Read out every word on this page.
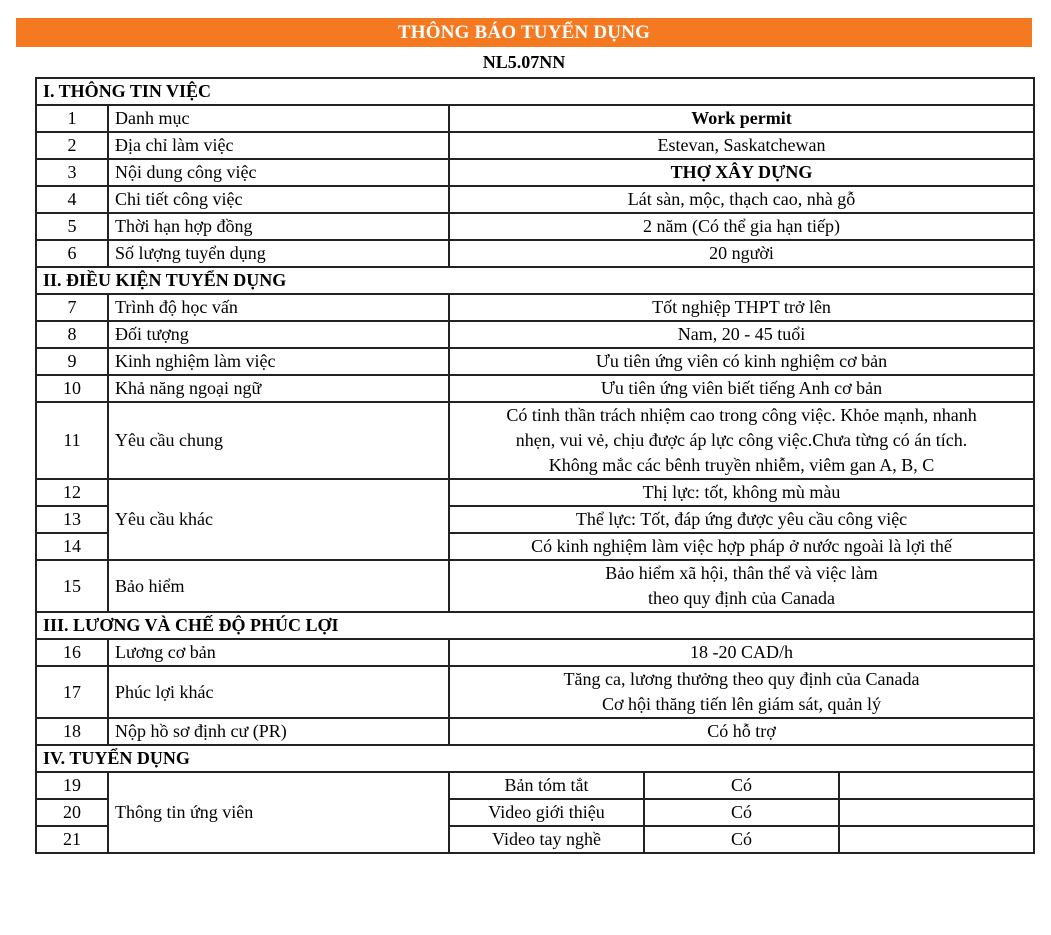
THÔNG BÁO TUYỂN DỤNG
NL5.07NN
I. THÔNG TIN VIỆC				
1	Danh mục	Work permit		
2	Địa chỉ làm việc	Estevan, Saskatchewan		
3	Nội dung công việc	THỢ XÂY DỰNG		
4	Chi tiết công việc	Lát sàn, mộc, thạch cao, nhà gỗ		
5	Thời hạn hợp đồng	2 năm (Có thể gia hạn tiếp)		
6	Số lượng tuyển dụng	20 người		
II. ĐIỀU KIỆN TUYỂN DỤNG				
7	Trình độ học vấn	Tốt nghiệp THPT trở lên		
8	Đối tượng	Nam, 20 - 45 tuổi		
9	Kinh nghiệm làm việc	Ưu tiên ứng viên có kinh nghiệm cơ bản		
10	Khả năng ngoại ngữ	Ưu tiên ứng viên biết tiếng Anh cơ bản		
11	Yêu cầu chung	Có tinh thần trách nhiệm cao trong công việc. Khỏe mạnh, nhanh
nhẹn, vui vẻ, chịu được áp lực công việc.Chưa từng có án tích.
Không mắc các bênh truyền nhiễm, viêm gan A, B, C		

12	Yêu cầu khác	Thị lực: tốt, không mù màu		
13		Thể lực: Tốt, đáp ứng được yêu cầu công việc		
14		Có kinh nghiệm làm việc hợp pháp ở nước ngoài là lợi thế		
15	Bảo hiểm	Bảo hiểm xã hội, thân thể và việc làm
theo quy định của Canada		

III. LƯƠNG VÀ CHẾ ĐỘ PHÚC LỢI				
16	Lương cơ bản	18 -20 CAD/h		
17	Phúc lợi khác	Tăng ca, lương thưởng theo quy định của Canada
Cơ hội thăng tiến lên giám sát, quản lý		

18	Nộp hồ sơ định cư (PR)	Có hỗ trợ		
IV. TUYỂN DỤNG				
19	Thông tin ứng viên	Bản tóm tắt	Có	
20		Video giới thiệu	Có	
21		Video tay nghề	Có	
